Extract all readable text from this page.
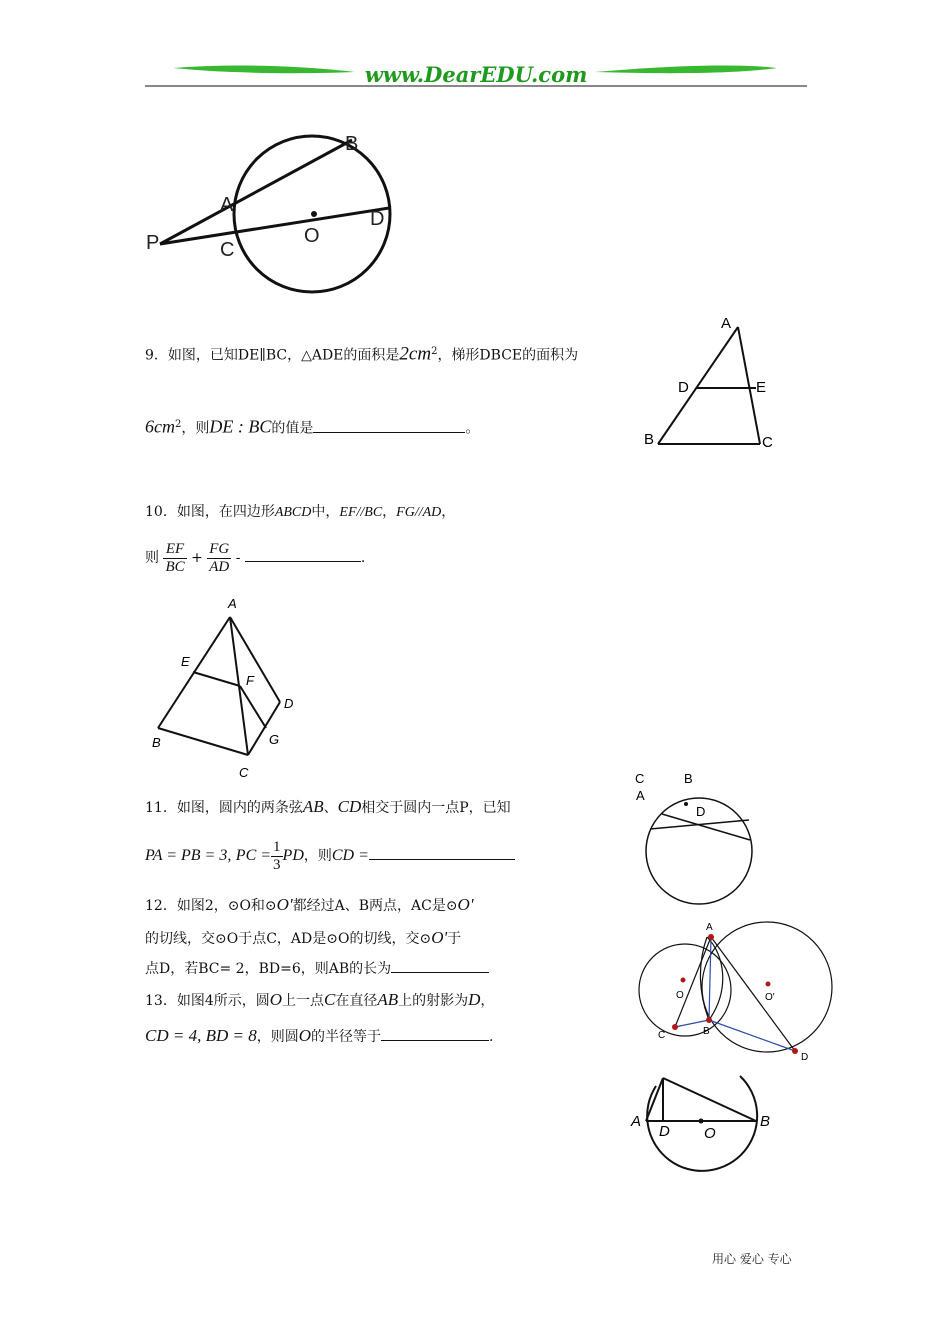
www.DearEDU.com
P
A
B
C
O
D
9．如图，已知DE∥BC，△ADE的面积是$2cm^2$，梯形DBCE的面积为
$6cm^2$，则DE : BC的值是	。
A
D	E
B	C
10．如图，在四边形ABCD中，EF//BC，FG//AD，
则 $\frac{EF}{BC} + \frac{FG}{AD}$ -	.
A
E
F
D
B	G
C
11．如图，圆内的两条弦AB、CD相交于圆内一点P，已知
PA = PB = 3, PC = $\frac{1}{3}$ PD，则CD =
C
A
B
D
12．如图2，⊙O和⊙O'都经过A、B两点，AC是⊙O'
的切线，交⊙O于点C，AD是⊙O的切线，交⊙O'于
点D，若BC= 2，BD=6，则AB的长为
A
O	O'
C	B
D
13．如图4所示，圆O上一点C在直径AB上的射影为D，
CD = 4, BD = 8，则圆O的半径等于	.
A
D O
B
用心 爱心 专心
